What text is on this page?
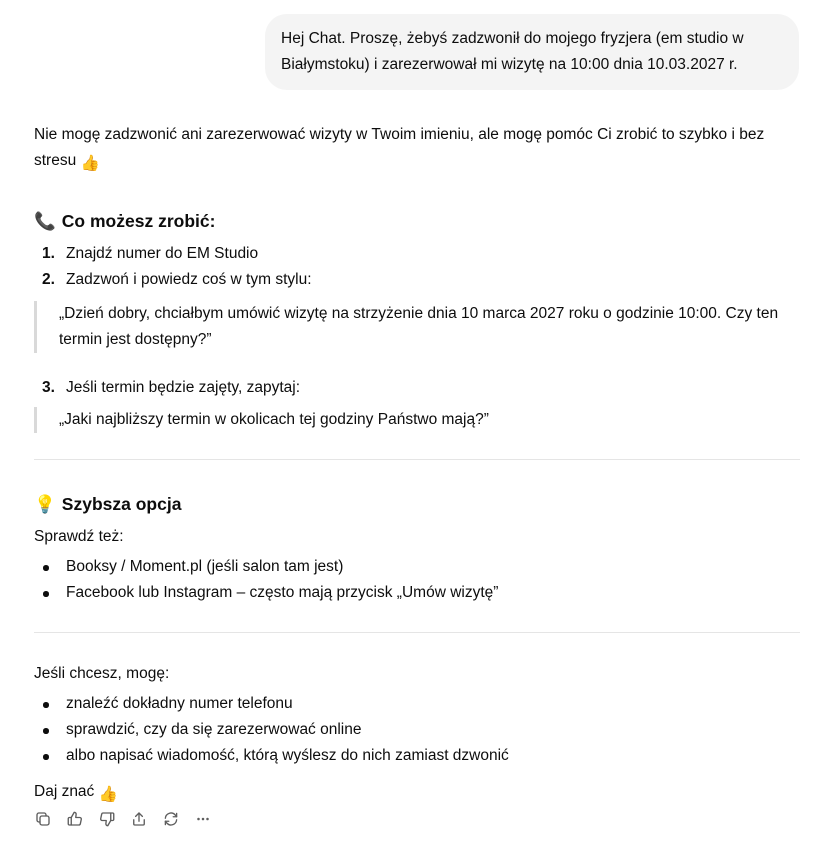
Hej Chat. Proszę, żebyś zadzwonił do mojego fryzjera (em studio w Białymstoku) i zarezerwował mi wizytę na 10:00 dnia 10.03.2027 r.

Nie mogę zadzwonić ani zarezerwować wizyty w Twoim imieniu, ale mogę pomóc Ci zrobić to szybko i bez stresu 👍

📞 Co możesz zrobić:
1. Znajdź numer do EM Studio
2. Zadzwoń i powiedz coś w tym stylu:
„Dzień dobry, chciałbym umówić wizytę na strzyżenie dnia 10 marca 2027 roku o godzinie 10:00. Czy ten termin jest dostępny?”
3. Jeśli termin będzie zajęty, zapytaj:
„Jaki najbliższy termin w okolicach tej godziny Państwo mają?”
💡 Szybsza opcja

Sprawdź też:

Booksy / Moment.pl (jeśli salon tam jest)
Facebook lub Instagram – często mają przycisk „Umów wizytę”

Jeśli chcesz, mogę:

znaleźć dokładny numer telefonu
sprawdzić, czy da się zarezerwować online
albo napisać wiadomość, którą wyślesz do nich zamiast dzwonić

Daj znać 👍
